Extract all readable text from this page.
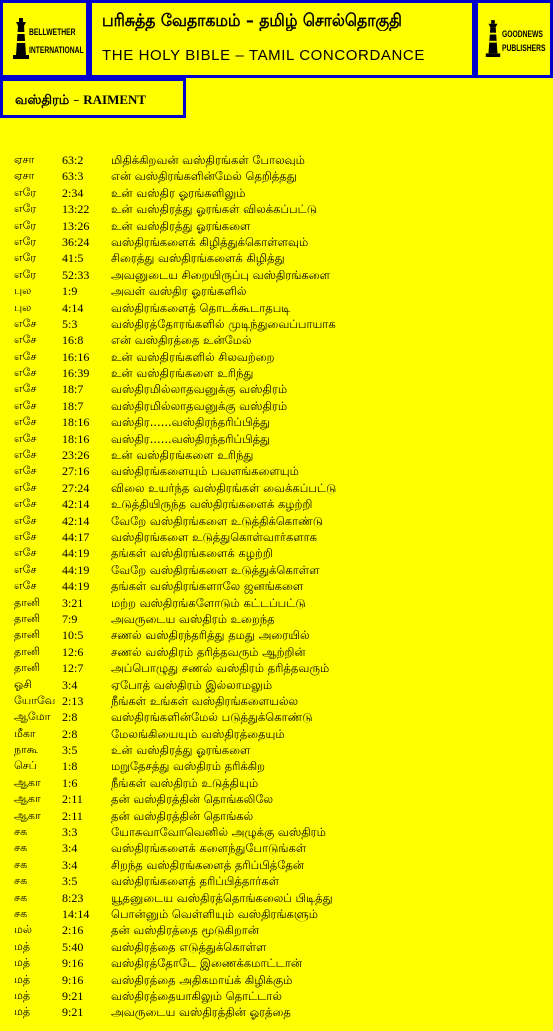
BELLWETHER
INTERNATIONAL
பரிசுத்த வேதாகமம் – தமிழ் சொல்தொகுதி
THE HOLY BIBLE – TAMIL CONCORDANCE
GOODNEWS
PUBLISHERS
வஸ்திரம் – RAIMENT
ஏசா 63:2 மிதிக்கிறவன் வஸ்திரங்கள் போலவும்
ஏசா 63:3 என் வஸ்திரங்களின்மேல் தெறித்தது
எரே 2:34 உன் வஸ்திர ஓரங்களிலும்
எரே 13:22 உன் வஸ்திரத்து ஓரங்கள் விலக்கப்பட்டு
எரே 13:26 உன் வஸ்திரத்து ஓரங்களை
எரே 36:24 வஸ்திரங்களைக் கிழித்துக்கொள்ளவும்
எரே 41:5 சிரைத்து வஸ்திரங்களைக் கிழித்து
எரே 52:33 அவனுடைய சிறையிருப்பு வஸ்திரங்களை
புல	1:9	அவள் வஸ்திர ஓரங்களில்
புல	4:14 வஸ்திரங்களைத் தொடக்கூடாதபடி
எசே 5:3	வஸ்திரத்தோரங்களில் முடிந்துவைப்பாயாக
எசே 16:8 என் வஸ்திரத்தை உன்மேல்
எசே 16:16 உன் வஸ்திரங்களில் சிலவற்றை
எசே 16:39 உன் வஸ்திரங்களை உரிந்து
எசே 18:7 வஸ்திரமில்லாதவனுக்கு வஸ்திரம்
எசே 18:7 வஸ்திரமில்லாதவனுக்கு வஸ்திரம்
எசே 18:16 வஸ்திர......வஸ்திரந்தரிப்பித்து
எசே 18:16 வஸ்திர......வஸ்திரந்தரிப்பித்து
எசே 23:26 உன் வஸ்திரங்களை உரிந்து
எசே 27:16 வஸ்திரங்களையும் பவளங்களையும்
எசே 27:24 விலை உயர்ந்த வஸ்திரங்கள் வைக்கப்பட்டு
எசே 42:14 உடுத்தியிருந்த வஸ்திரங்களைக் கழற்றி
எசே 42:14 வேறே வஸ்திரங்களை உடுத்திக்கொண்டு
எசே 44:17 வஸ்திரங்களை உடுத்துகொள்வார்களாக
எசே 44:19 தங்கள் வஸ்திரங்களைக் கழற்றி
எசே 44:19 வேறே வஸ்திரங்களை உடுத்துக்கொள்ள
எசே 44:19 தங்கள் வஸ்திரங்களாலே ஜனங்களை
தானி 3:21 மற்ற வஸ்திரங்களோடும் கட்டப்பட்டு
தானி 7:9	அவருடைய வஸ்திரம் உறைந்த
தானி 10:5 சணல் வஸ்திரந்தரித்து தமது அரையில்
தானி 12:6 சணல் வஸ்திரம் தரித்தவரும் ஆற்றின்
தானி 12:7 அப்பொழுது சணல் வஸ்திரம் தரித்தவரும்
ஓசி	3:4	ஏபோத் வஸ்திரம் இல்லாமலும்
யோவே 2:13 நீங்கள் உங்கள் வஸ்திரங்களையல்ல
ஆமோ 2:8	வஸ்திரங்களின்மேல் படுத்துக்கொண்டு
மீகா 2:8	மேலங்கியையும் வஸ்திரத்தையும்
நாகூ 3:5	உன் வஸ்திரத்து ஓரங்களை
செப் 1:8	மறுதேசத்து வஸ்திரம் தரிக்கிற
ஆகா 1:6	நீங்கள் வஸ்திரம் உடுத்தியும்
ஆகா 2:11 தன் வஸ்திரத்தின் தொங்கலிலே
ஆகா 2:11 தன் வஸ்திரத்தின் தொங்கல்
சக	3:3	யோசுவாவோவெனில் அழுக்கு வஸ்திரம்
சக	3:4	வஸ்திரங்களைக் களைந்துபோடுங்கள்
சக	3:4	சிறந்த வஸ்திரங்களைத் தரிப்பித்தேன்
சக	3:5	வஸ்திரங்களைத் தரிப்பித்தார்கள்
சக	8:23 யூதனுடைய வஸ்திரத்தொங்கலைப் பிடித்து
சக	14:14 பொன்னும் வெள்ளியும் வஸ்திரங்களும்
மல்	2:16 தன் வஸ்திரத்தை மூடுகிறான்
மத்	5:40 வஸ்திரத்தை எடுத்துக்கொள்ள
மத்	9:16 வஸ்திரத்தோடே இணைக்கமாட்டான்
மத்	9:16 வஸ்திரத்தை அதிகமாய்க் கிழிக்கும்
மத்	9:21 வஸ்திரத்தையாகிலும் தொட்டால்
மத்	9:21 அவருடைய வஸ்திரத்தின் ஓரத்தை
